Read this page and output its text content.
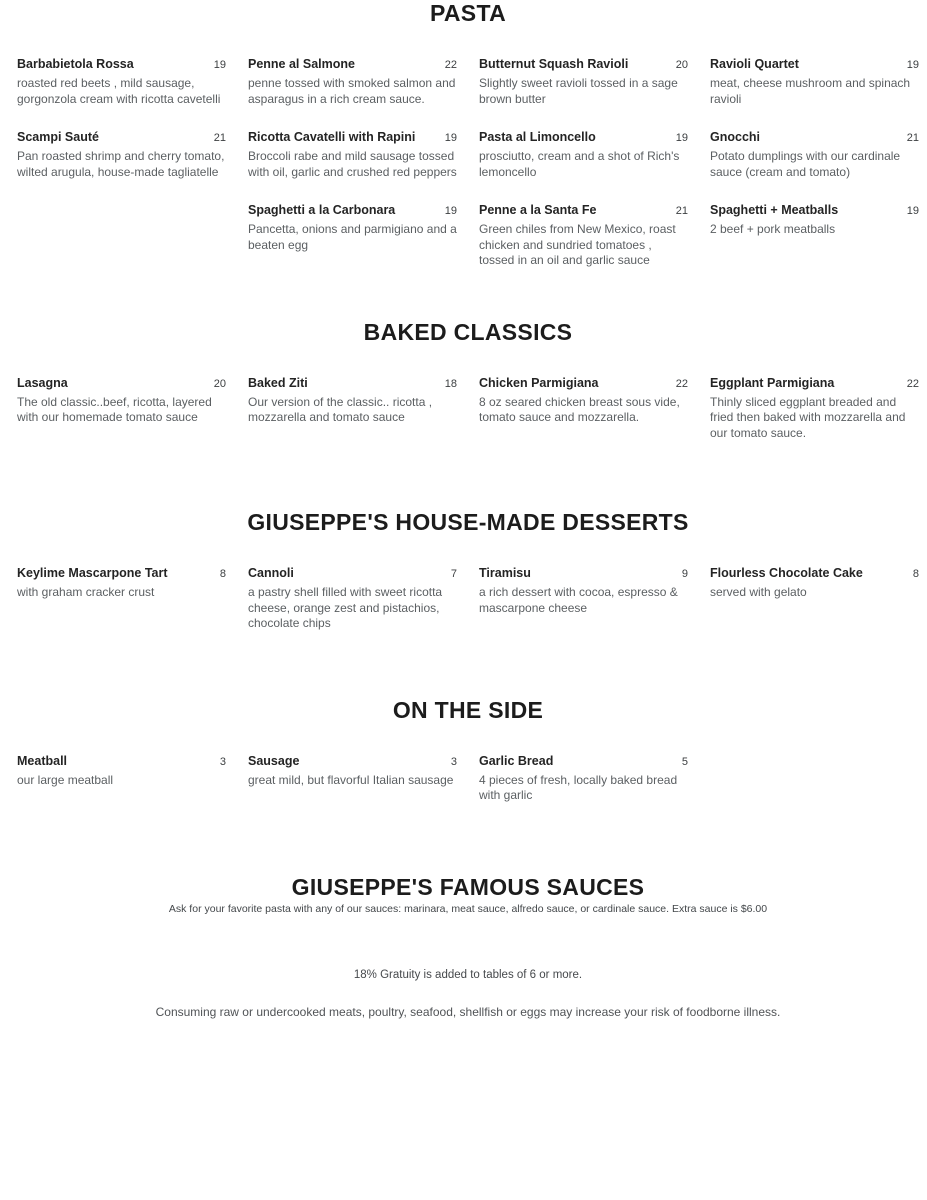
PASTA
Barbabietola Rossa	19
roasted red beets , mild sausage, gorgonzola cream with ricotta cavetelli
Scampi Sauté	21
Pan roasted shrimp and cherry tomato, wilted arugula, house-made tagliatelle
Penne al Salmone	22
penne tossed with smoked salmon and asparagus in a rich cream sauce.
Ricotta Cavatelli with Rapini	19
Broccoli rabe and mild sausage tossed with oil, garlic and crushed red peppers
Spaghetti a la Carbonara	19
Pancetta, onions and parmigiano and a beaten egg
Butternut Squash Ravioli	20
Slightly sweet ravioli tossed in a sage brown butter
Pasta al Limoncello	19
prosciutto, cream and a shot of Rich's lemoncello
Penne a la Santa Fe	21
Green chiles from New Mexico, roast chicken and sundried tomatoes , tossed in an oil and garlic sauce
Ravioli Quartet	19
meat, cheese mushroom and spinach ravioli
Gnocchi	21
Potato dumplings with our cardinale sauce (cream and tomato)
Spaghetti + Meatballs	19
2 beef + pork meatballs
BAKED CLASSICS
Lasagna	20
The old classic..beef, ricotta, layered with our homemade tomato sauce
Baked Ziti	18
Our version of the classic.. ricotta , mozzarella and tomato sauce
Chicken Parmigiana	22
8 oz seared chicken breast sous vide, tomato sauce and mozzarella.
Eggplant Parmigiana	22
Thinly sliced eggplant breaded and fried then baked with mozzarella and our tomato sauce.
GIUSEPPE'S HOUSE-MADE DESSERTS
Keylime Mascarpone Tart	8
with graham cracker crust
Cannoli	7
a pastry shell filled with sweet ricotta cheese, orange zest and pistachios, chocolate chips
Tiramisu	9
a rich dessert with cocoa, espresso & mascarpone cheese
Flourless Chocolate Cake	8
served with gelato
ON THE SIDE
Meatball	3
our large meatball
Sausage	3
great mild, but flavorful Italian sausage
Garlic Bread	5
4 pieces of fresh, locally baked bread with garlic
GIUSEPPE'S FAMOUS SAUCES
Ask for your favorite pasta with any of our sauces: marinara, meat sauce, alfredo sauce, or cardinale sauce. Extra sauce is $6.00
18% Gratuity is added to tables of 6 or more.
Consuming raw or undercooked meats, poultry, seafood, shellfish or eggs may increase your risk of foodborne illness.
